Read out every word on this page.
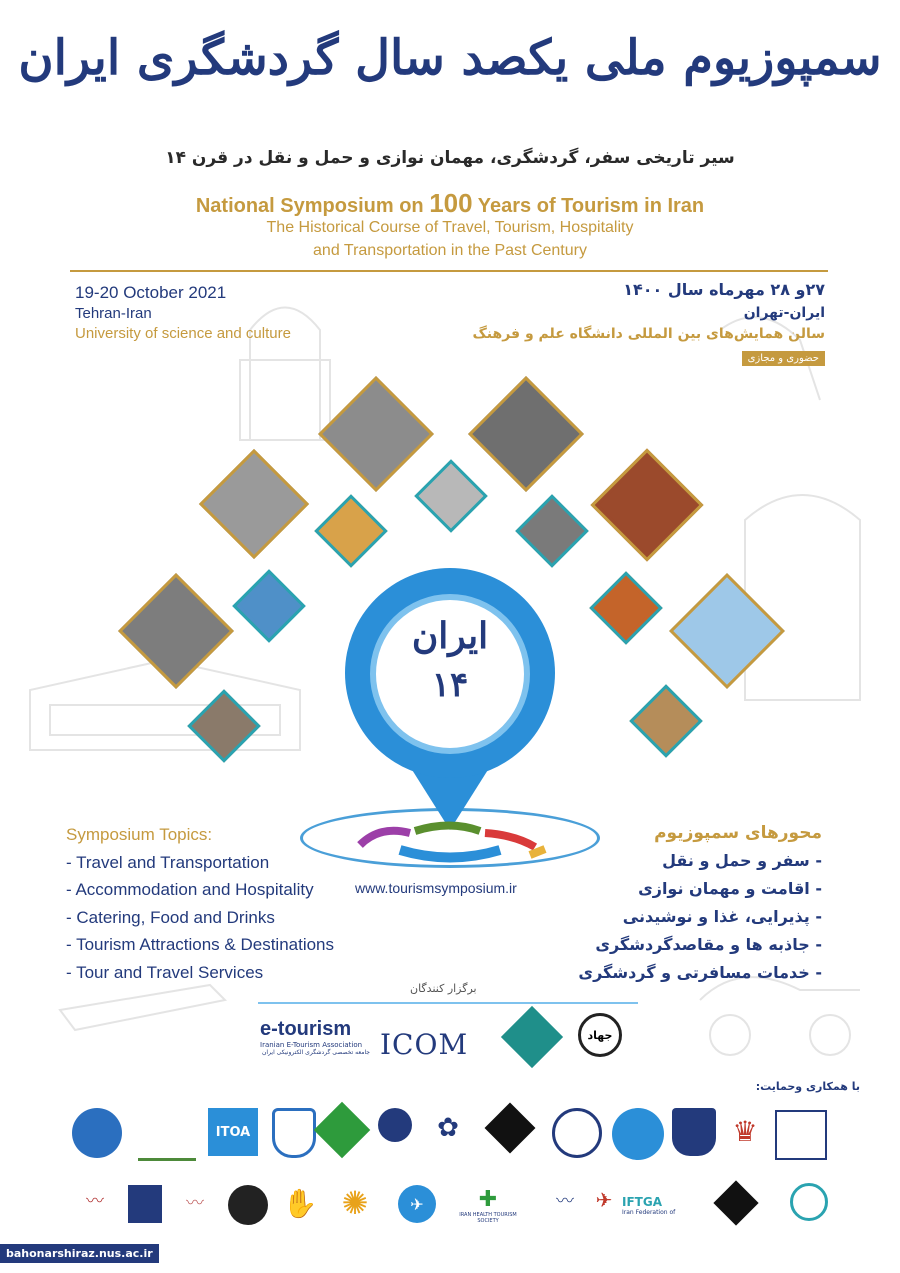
سمپوزیوم ملی یکصد سال گردشگری ایران
سیر تاریخی سفر، گردشگری، مهمان نوازی و حمل و نقل در قرن ۱۴
National Symposium on 100 Years of Tourism in Iran
The Historical Course of Travel, Tourism, Hospitality
and Transportation in the Past Century
19-20 October 2021
Tehran-Iran
University of science and culture
۲۷و ۲۸ مهرماه سال ۱۴۰۰
ایران-تهران
سالن همایش‌های بین المللی دانشگاه علم و فرهنگ
حضوری و مجازی
ایران
۱۴
Symposium Topics:
- Travel and Transportation
- Accommodation and Hospitality
- Catering, Food and Drinks
- Tourism Attractions & Destinations
- Tour and Travel Services
www.tourismsymposium.ir
محورهای سمپوزیوم
- سفر و حمل و نقل
- اقامت و مهمان نوازی
- پذیرایی، غذا و نوشیدنی
- جاذبه ها و مقاصدگردشگری
- خدمات مسافرتی و گردشگری
برگزار کنندگان
e-tourism
Iranian E-Tourism Association
جامعه تخصصی گردشگری الکترونیکی ایران ICOM	جهاد
با همکاری وحمایت:
ITOA	✿	♛
〰	〰	✋ ✺	✈	✚
IRAN HEALTH TOURISM SOCIETY
〰	✈ IFTGA
Iran Federation of
bahonarshiraz.nus.ac.ir
